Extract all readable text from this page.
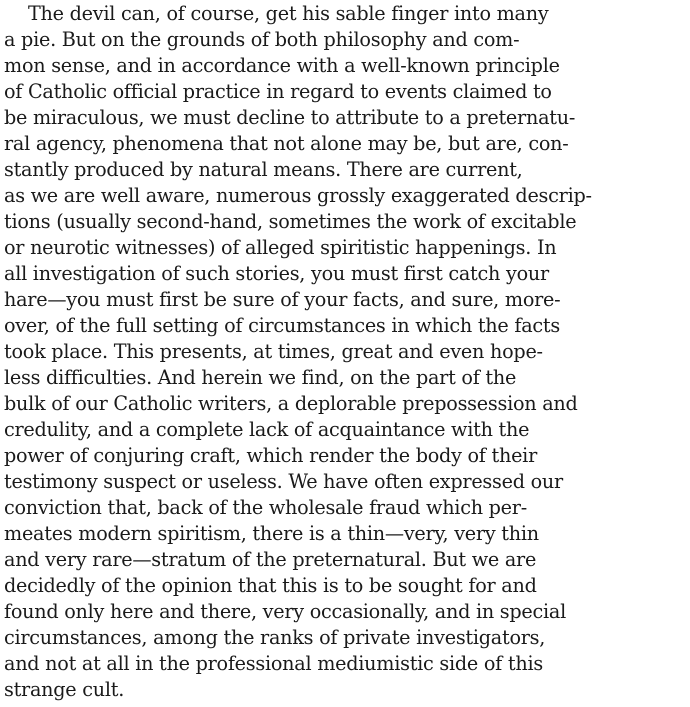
The devil can, of course, get his sable finger into many
a pie. But on the grounds of both philosophy and com-
mon sense, and in accordance with a well-known principle
of Catholic official practice in regard to events claimed to
be miraculous, we must decline to attribute to a preternatu-
ral agency, phenomena that not alone may be, but are, con-
stantly produced by natural means. There are current,
as we are well aware, numerous grossly exaggerated descrip-
tions (usually second-hand, sometimes the work of excitable
or neurotic witnesses) of alleged spiritistic happenings. In
all investigation of such stories, you must first catch your
hare—you must first be sure of your facts, and sure, more-
over, of the full setting of circumstances in which the facts
took place. This presents, at times, great and even hope-
less difficulties. And herein we find, on the part of the
bulk of our Catholic writers, a deplorable prepossession and
credulity, and a complete lack of acquaintance with the
power of conjuring craft, which render the body of their
testimony suspect or useless. We have often expressed our
conviction that, back of the wholesale fraud which per-
meates modern spiritism, there is a thin—very, very thin
and very rare—stratum of the preternatural. But we are
decidedly of the opinion that this is to be sought for and
found only here and there, very occasionally, and in special
circumstances, among the ranks of private investigators,
and not at all in the professional mediumistic side of this
strange cult.
